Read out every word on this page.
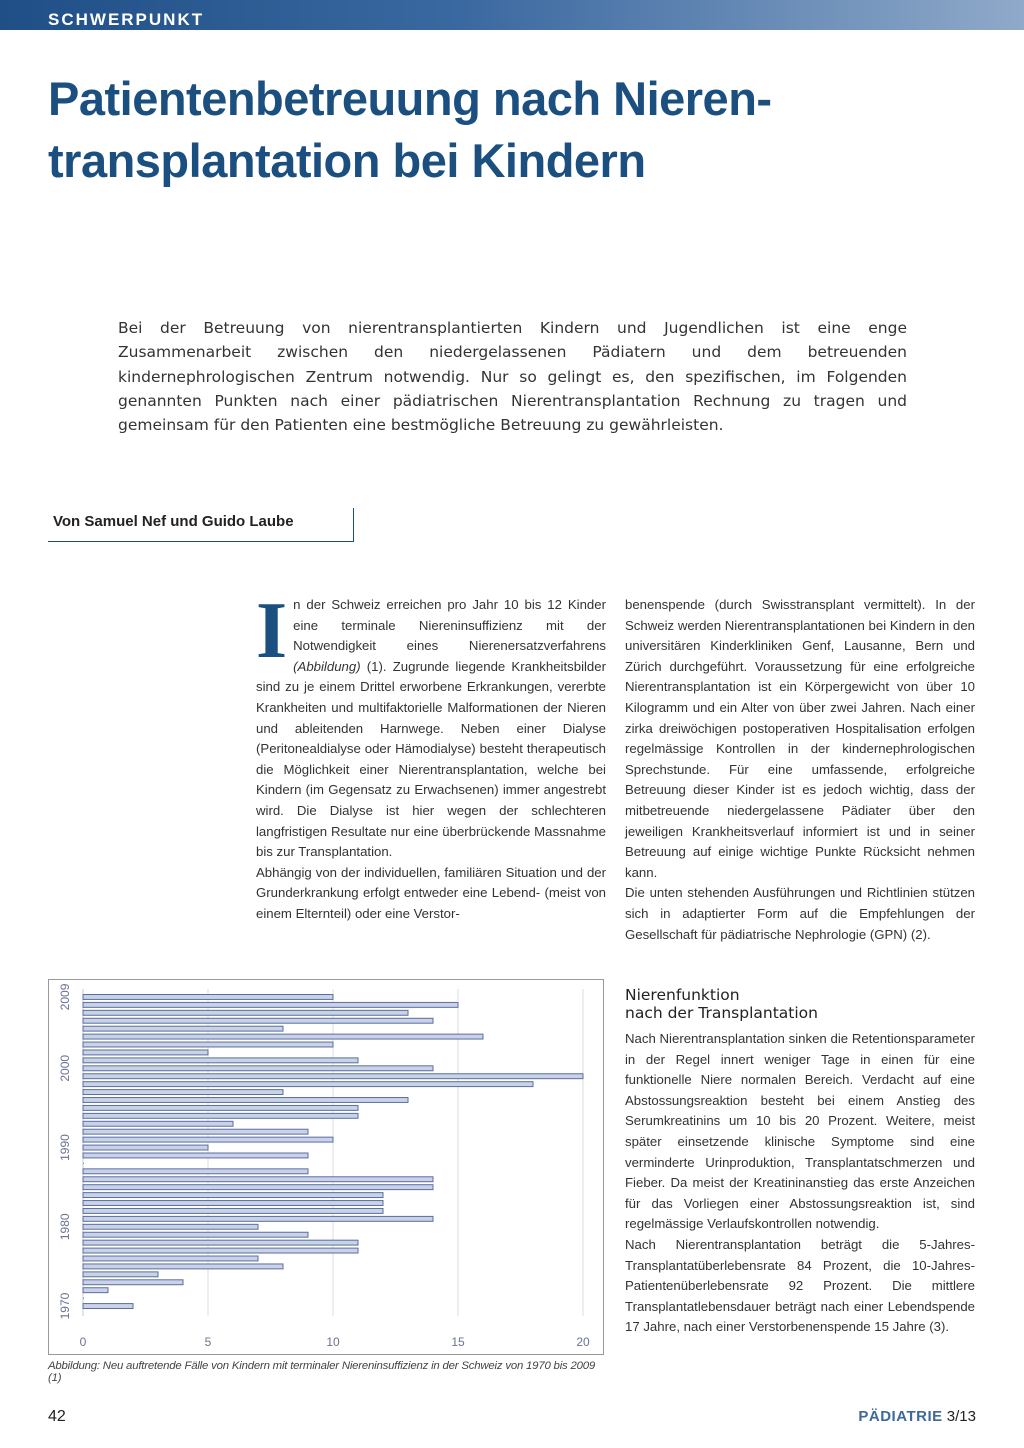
SCHWERPUNKT
Patientenbetreuung nach Nieren-
transplantation bei Kindern

Bei der Betreuung von nierentransplantierten Kindern und Jugendlichen ist eine enge Zusammenarbeit zwischen den niedergelassenen Pädiatern und dem betreuenden kindernephrologischen Zentrum notwendig. Nur so gelingt es, den spezifischen, im Folgenden genannten Punkten nach einer pädiatrischen Nierentransplantation Rechnung zu tragen und gemeinsam für den Patienten eine bestmögliche Betreuung zu gewährleisten.

Von Samuel Nef und Guido Laube

In der Schweiz erreichen pro Jahr 10 bis 12 Kinder eine terminale Niereninsuffizienz mit der Notwendigkeit eines Nierenersatzverfahrens (Abbildung) (1). Zugrunde liegende Krankheitsbilder sind zu je einem Drittel erworbene Erkrankungen, vererbte Krankheiten und multifaktorielle Malformationen der Nieren und ableitenden Harnwege. Neben einer Dialyse (Peritonealdialyse oder Hämodialyse) besteht therapeutisch die Möglichkeit einer Nierentransplantation, welche bei Kindern (im Gegensatz zu Erwachsenen) immer angestrebt wird. Die Dialyse ist hier wegen der schlechteren langfristigen Resultate nur eine überbrückende Massnahme bis zur Transplantation.

Abhängig von der individuellen, familiären Situation und der Grunderkrankung erfolgt entweder eine Lebend- (meist von einem Elternteil) oder eine Verstor-

benenspende (durch Swisstransplant vermittelt). In der Schweiz werden Nierentransplantationen bei Kindern in den universitären Kinderkliniken Genf, Lausanne, Bern und Zürich durchgeführt. Voraussetzung für eine erfolgreiche Nierentransplantation ist ein Körpergewicht von über 10 Kilogramm und ein Alter von über zwei Jahren. Nach einer zirka dreiwöchigen postoperativen Hospitalisation erfolgen regelmässige Kontrollen in der kindernephrologischen Sprechstunde. Für eine umfassende, erfolgreiche Betreuung dieser Kinder ist es jedoch wichtig, dass der mitbetreuende niedergelassene Pädiater über den jeweiligen Krankheitsverlauf informiert ist und in seiner Betreuung auf einige wichtige Punkte Rücksicht nehmen kann.

Die unten stehenden Ausführungen und Richtlinien stützen sich in adaptierter Form auf die Empfehlungen der Gesellschaft für pädiatrische Nephrologie (GPN) (2).

Nierenfunktion
nach der Transplantation

Nach Nierentransplantation sinken die Retentionsparameter in der Regel innert weniger Tage in einen für eine funktionelle Niere normalen Bereich. Verdacht auf eine Abstossungsreaktion besteht bei einem Anstieg des Serumkreatinins um 10 bis 20 Prozent. Weitere, meist später einsetzende klinische Symptome sind eine verminderte Urinproduktion, Transplantatschmerzen und Fieber. Da meist der Kreatininanstieg das erste Anzeichen für das Vorliegen einer Abstossungsreaktion ist, sind regelmässige Verlaufskontrollen notwendig.

Nach Nierentransplantation beträgt die 5-Jahres-Transplantatüberlebensrate 84 Prozent, die 10-Jahres-Patientenüberlebensrate 92 Prozent. Die mittlere Transplantatlebensdauer beträgt nach einer Lebendspende 17 Jahre, nach einer Verstorbenenspende 15 Jahre (3).

0	5	10	15	20
1970
1980
1990
2000
2009
Abbildung: Neu auftretende Fälle von Kindern mit terminaler Niereninsuffizienz in der Schweiz von 1970 bis 2009 (1)
42	PÄDIATRIE 3/13
